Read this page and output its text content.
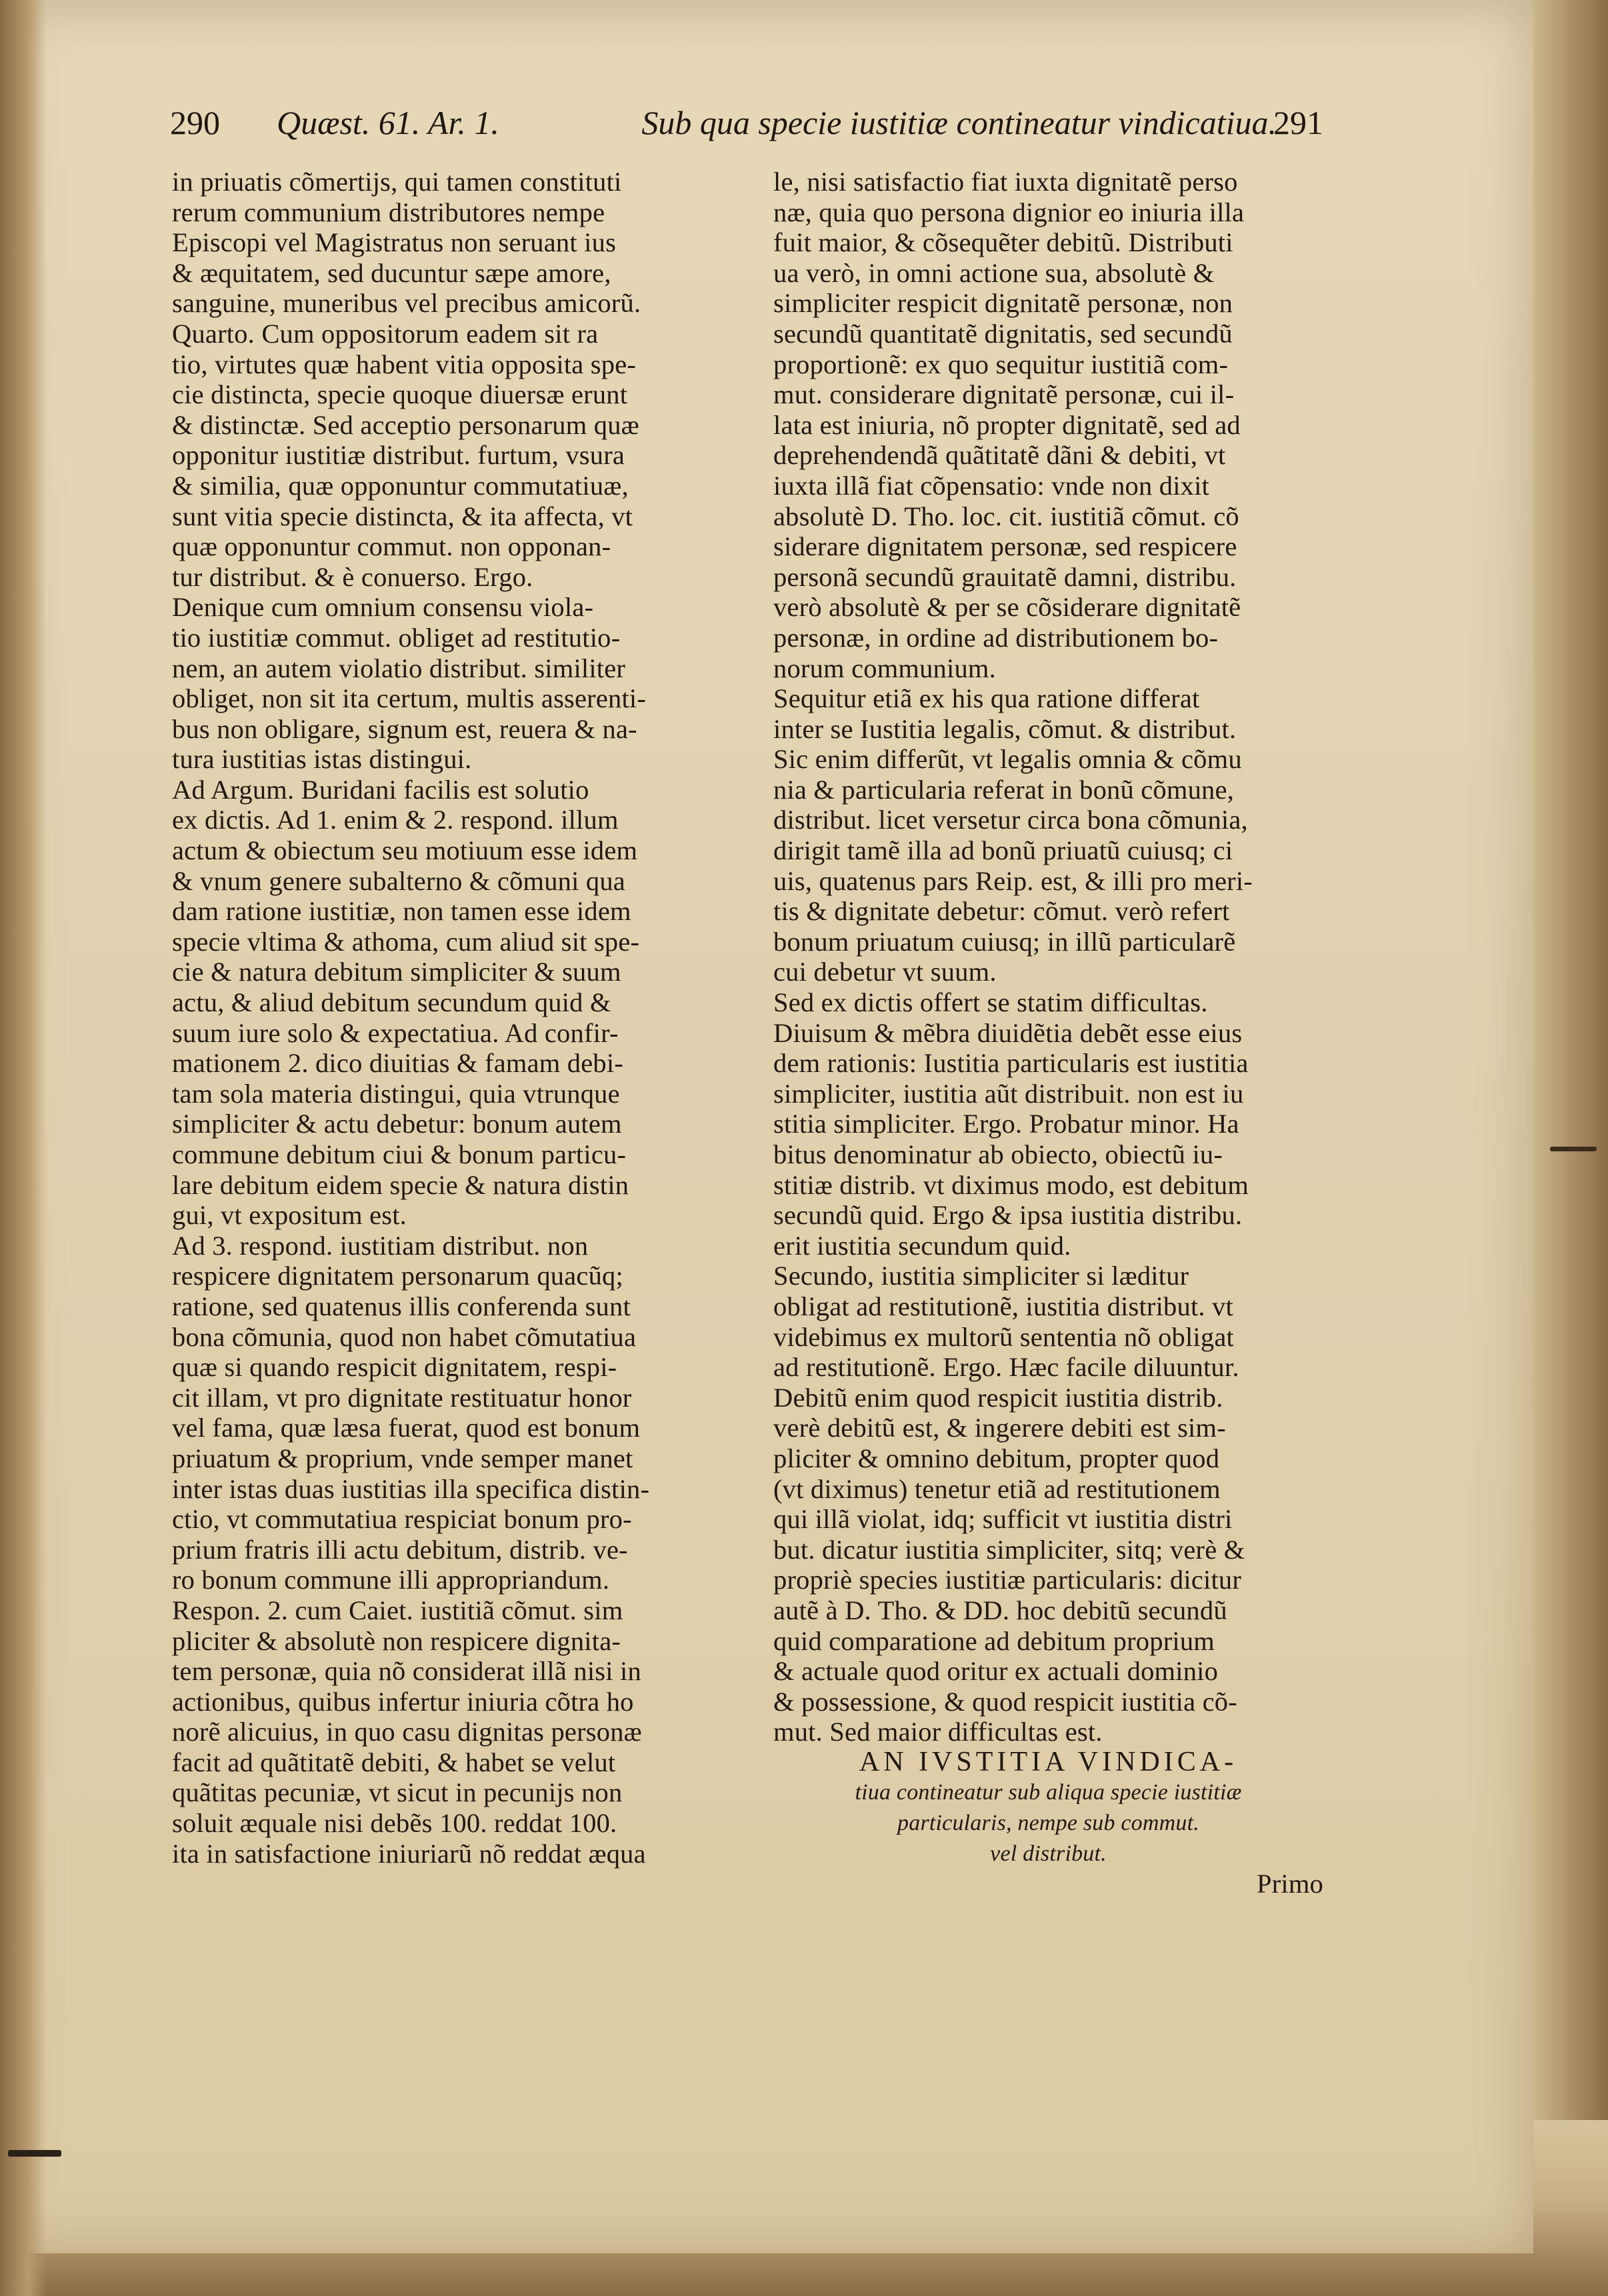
290 Quæst. 61. Ar. 1.	Sub qua specie iustitiæ contineatur vindicatiua.
291
in priuatis cõmertijs, qui tamen constituti
rerum communium distributores nempe
Episcopi vel Magistratus non seruant ius
& æquitatem, sed ducuntur sæpe amore,
sanguine, muneribus vel precibus amicorũ.
Quarto. Cum oppositorum eadem sit ra
tio, virtutes quæ habent vitia opposita spe-
cie distincta, specie quoque diuersæ erunt
& distinctæ. Sed acceptio personarum quæ
opponitur iustitiæ distribut. furtum, vsura
& similia, quæ opponuntur commutatiuæ,
sunt vitia specie distincta, & ita affecta, vt
quæ opponuntur commut. non opponan-
tur distribut. & è conuerso. Ergo.
Denique cum omnium consensu viola-
tio iustitiæ commut. obliget ad restitutio-
nem, an autem violatio distribut. similiter
obliget, non sit ita certum, multis asserenti-
bus non obligare, signum est, reuera & na-
tura iustitias istas distingui.
Ad Argum. Buridani facilis est solutio
ex dictis. Ad 1. enim & 2. respond. illum
actum & obiectum seu motiuum esse idem
& vnum genere subalterno & cõmuni qua
dam ratione iustitiæ, non tamen esse idem
specie vltima & athoma, cum aliud sit spe-
cie & natura debitum simpliciter & suum
actu, & aliud debitum secundum quid &
suum iure solo & expectatiua. Ad confir-
mationem 2. dico diuitias & famam debi-
tam sola materia distingui, quia vtrunque
simpliciter & actu debetur: bonum autem
commune debitum ciui & bonum particu-
lare debitum eidem specie & natura distin
gui, vt expositum est.
Ad 3. respond. iustitiam distribut. non
respicere dignitatem personarum quacũq;
ratione, sed quatenus illis conferenda sunt
bona cõmunia, quod non habet cõmutatiua
quæ si quando respicit dignitatem, respi-
cit illam, vt pro dignitate restituatur honor
vel fama, quæ læsa fuerat, quod est bonum
priuatum & proprium, vnde semper manet
inter istas duas iustitias illa specifica distin-
ctio, vt commutatiua respiciat bonum pro-
prium fratris illi actu debitum, distrib. ve-
ro bonum commune illi appropriandum.
Respon. 2. cum Caiet. iustitiã cõmut. sim
pliciter & absolutè non respicere dignita-
tem personæ, quia nõ considerat illã nisi in
actionibus, quibus infertur iniuria cõtra ho
norẽ alicuius, in quo casu dignitas personæ
facit ad quãtitatẽ debiti, & habet se velut
quãtitas pecuniæ, vt sicut in pecunijs non
soluit æquale nisi debẽs 100. reddat 100.
ita in satisfactione iniuriarũ nõ reddat æqua
le, nisi satisfactio fiat iuxta dignitatẽ perso
næ, quia quo persona dignior eo iniuria illa
fuit maior, & cõsequẽter debitũ. Distributi
ua verò, in omni actione sua, absolutè &
simpliciter respicit dignitatẽ personæ, non
secundũ quantitatẽ dignitatis, sed secundũ
proportionẽ: ex quo sequitur iustitiã com-
mut. considerare dignitatẽ personæ, cui il-
lata est iniuria, nõ propter dignitatẽ, sed ad
deprehendendã quãtitatẽ dãni & debiti, vt
iuxta illã fiat cõpensatio: vnde non dixit
absolutè D. Tho. loc. cit. iustitiã cõmut. cõ
siderare dignitatem personæ, sed respicere
personã secundũ grauitatẽ damni, distribu.
verò absolutè & per se cõsiderare dignitatẽ
personæ, in ordine ad distributionem bo-
norum communium.
Sequitur etiã ex his qua ratione differat
inter se Iustitia legalis, cõmut. & distribut.
Sic enim differũt, vt legalis omnia & cõmu
nia & particularia referat in bonũ cõmune,
distribut. licet versetur circa bona cõmunia,
dirigit tamẽ illa ad bonũ priuatũ cuiusq; ci
uis, quatenus pars Reip. est, & illi pro meri-
tis & dignitate debetur: cõmut. verò refert
bonum priuatum cuiusq; in illũ particularẽ
cui debetur vt suum.
Sed ex dictis offert se statim difficultas.
Diuisum & mẽbra diuidẽtia debẽt esse eius
dem rationis: Iustitia particularis est iustitia
simpliciter, iustitia aũt distribuit. non est iu
stitia simpliciter. Ergo. Probatur minor. Ha
bitus denominatur ab obiecto, obiectũ iu-
stitiæ distrib. vt diximus modo, est debitum
secundũ quid. Ergo & ipsa iustitia distribu.
erit iustitia secundum quid.
Secundo, iustitia simpliciter si læditur
obligat ad restitutionẽ, iustitia distribut. vt
videbimus ex multorũ sententia nõ obligat
ad restitutionẽ. Ergo. Hæc facile diluuntur.
Debitũ enim quod respicit iustitia distrib.
verè debitũ est, & ingerere debiti est sim-
pliciter & omnino debitum, propter quod
(vt diximus) tenetur etiã ad restitutionem
qui illã violat, idq; sufficit vt iustitia distri
but. dicatur iustitia simpliciter, sitq; verè &
propriè species iustitiæ particularis: dicitur
autẽ à D. Tho. & DD. hoc debitũ secundũ
quid comparatione ad debitum proprium
& actuale quod oritur ex actuali dominio
& possessione, & quod respicit iustitia cõ-
mut. Sed maior difficultas est.
AN IVSTITIA VINDICA-
tiua contineatur sub aliqua specie iustitiæ
particularis, nempe sub commut.
vel distribut.
Primo
